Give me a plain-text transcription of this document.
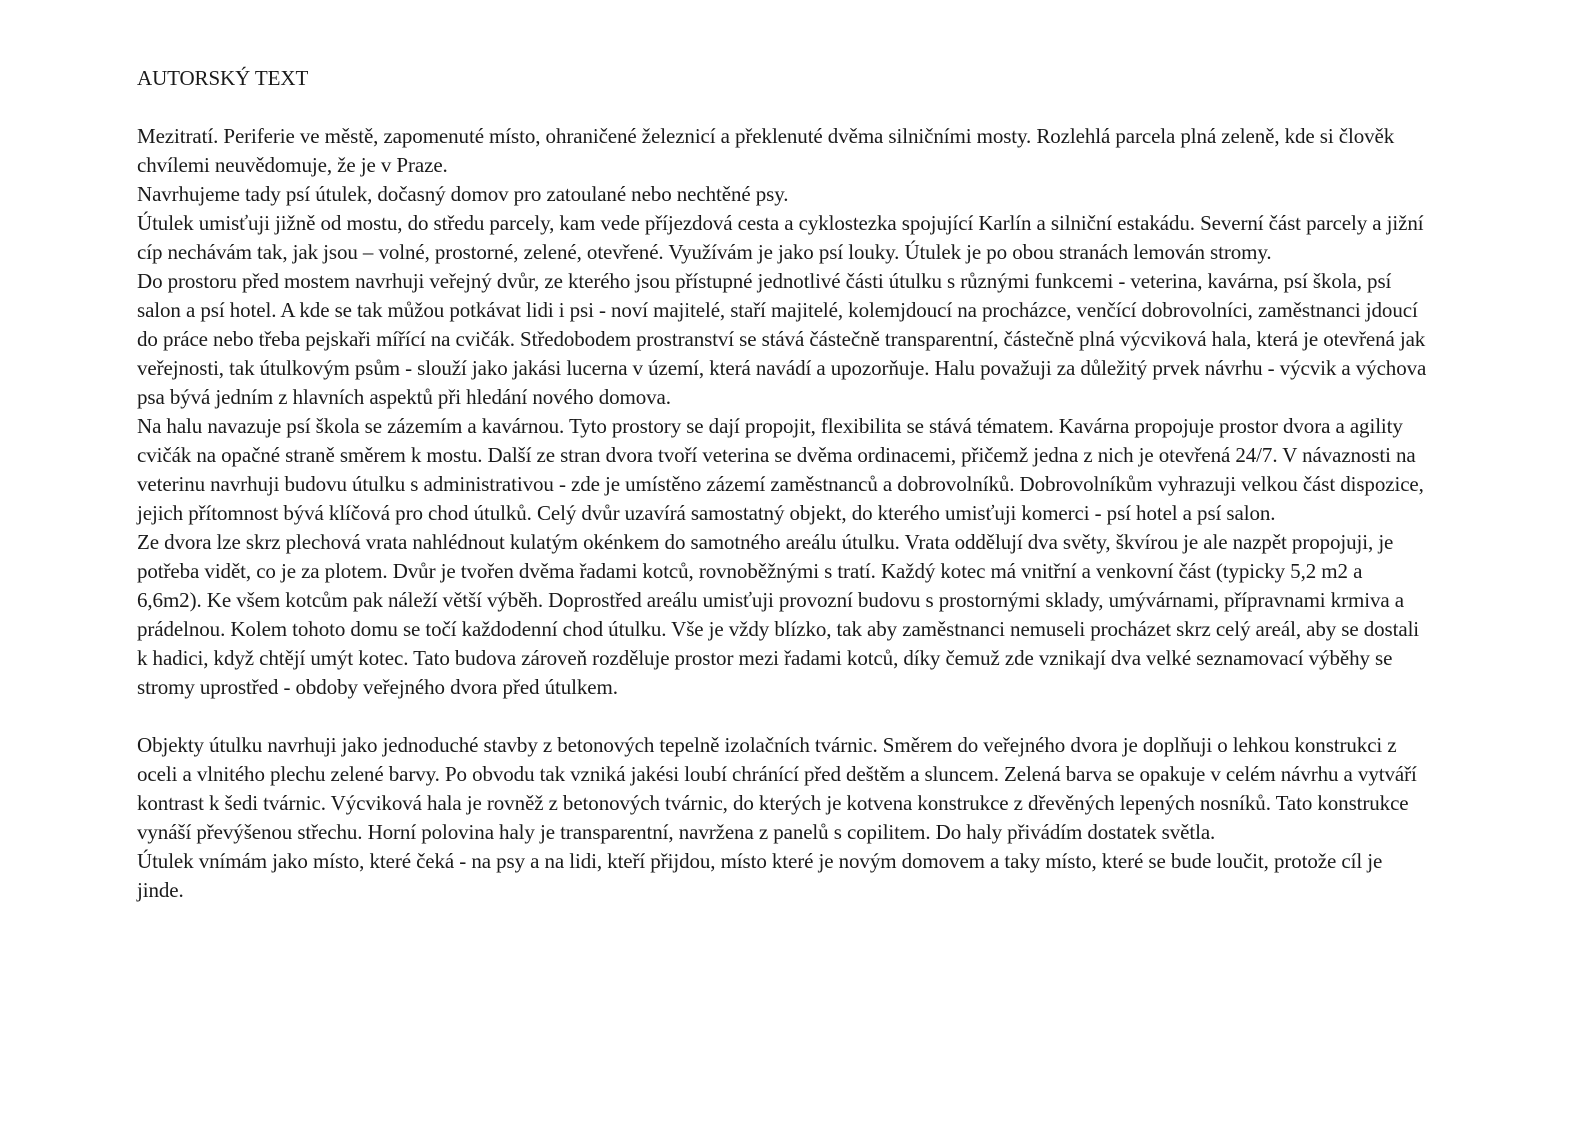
AUTORSKÝ TEXT

Mezitratí. Periferie ve městě, zapomenuté místo, ohraničené železnicí a překlenuté dvěma silničními mosty. Rozlehlá parcela plná zeleně, kde si člověk chvílemi neuvědomuje, že je v Praze.

Navrhujeme tady psí útulek, dočasný domov pro zatoulané nebo nechtěné psy.

Útulek umisťuji jižně od mostu, do středu parcely, kam vede příjezdová cesta a cyklostezka spojující Karlín a silniční estakádu. Severní část parcely a jižní cíp nechávám tak, jak jsou – volné, prostorné, zelené, otevřené. Využívám je jako psí louky. Útulek je po obou stranách lemován stromy.

Do prostoru před mostem navrhuji veřejný dvůr, ze kterého jsou přístupné jednotlivé části útulku s různými funkcemi - veterina, kavárna, psí škola, psí salon a psí hotel. A kde se tak můžou potkávat lidi i psi - noví majitelé, staří majitelé, kolemjdoucí na procházce, venčící dobrovolníci, zaměstnanci jdoucí do práce nebo třeba pejskaři mířící na cvičák. Středobodem prostranství se stává částečně transparentní, částečně plná výcviková hala, která je otevřená jak veřejnosti, tak útulkovým psům - slouží jako jakási lucerna v území, která navádí a upozorňuje. Halu považuji za důležitý prvek návrhu - výcvik a výchova psa bývá jedním z hlavních aspektů při hledání nového domova.

Na halu navazuje psí škola se zázemím a kavárnou. Tyto prostory se dají propojit, flexibilita se stává tématem. Kavárna propojuje prostor dvora a agility cvičák na opačné straně směrem k mostu. Další ze stran dvora tvoří veterina se dvěma ordinacemi, přičemž jedna z nich je otevřená 24/7. V návaznosti na veterinu navrhuji budovu útulku s administrativou - zde je umístěno zázemí zaměstnanců a dobrovolníků. Dobrovolníkům vyhrazuji velkou část dispozice, jejich přítomnost bývá klíčová pro chod útulků. Celý dvůr uzavírá samostatný objekt, do kterého umisťuji komerci - psí hotel a psí salon.

Ze dvora lze skrz plechová vrata nahlédnout kulatým okénkem do samotného areálu útulku. Vrata oddělují dva světy, škvírou je ale nazpět propojuji, je potřeba vidět, co je za plotem. Dvůr je tvořen dvěma řadami kotců, rovnoběžnými s tratí. Každý kotec má vnitřní a venkovní část (typicky 5,2 m2 a 6,6m2). Ke všem kotcům pak náleží větší výběh. Doprostřed areálu umisťuji provozní budovu s prostornými sklady, umývárnami, přípravnami krmiva a prádelnou. Kolem tohoto domu se točí každodenní chod útulku. Vše je vždy blízko, tak aby zaměstnanci nemuseli procházet skrz celý areál, aby se dostali k hadici, když chtějí umýt kotec. Tato budova zároveň rozděluje prostor mezi řadami kotců, díky čemuž zde vznikají dva velké seznamovací výběhy se stromy uprostřed - obdoby veřejného dvora před útulkem.

Objekty útulku navrhuji jako jednoduché stavby z betonových tepelně izolačních tvárnic. Směrem do veřejného dvora je doplňuji o lehkou konstrukci z oceli a vlnitého plechu zelené barvy. Po obvodu tak vzniká jakési loubí chránící před deštěm a sluncem. Zelená barva se opakuje v celém návrhu a vytváří kontrast k šedi tvárnic. Výcviková hala je rovněž z betonových tvárnic, do kterých je kotvena konstrukce z dřevěných lepených nosníků. Tato konstrukce vynáší převýšenou střechu. Horní polovina haly je transparentní, navržena z panelů s copilitem. Do haly přivádím dostatek světla.

Útulek vnímám jako místo, které čeká - na psy a na lidi, kteří přijdou, místo které je novým domovem a taky místo, které se bude loučit, protože cíl je jinde.
